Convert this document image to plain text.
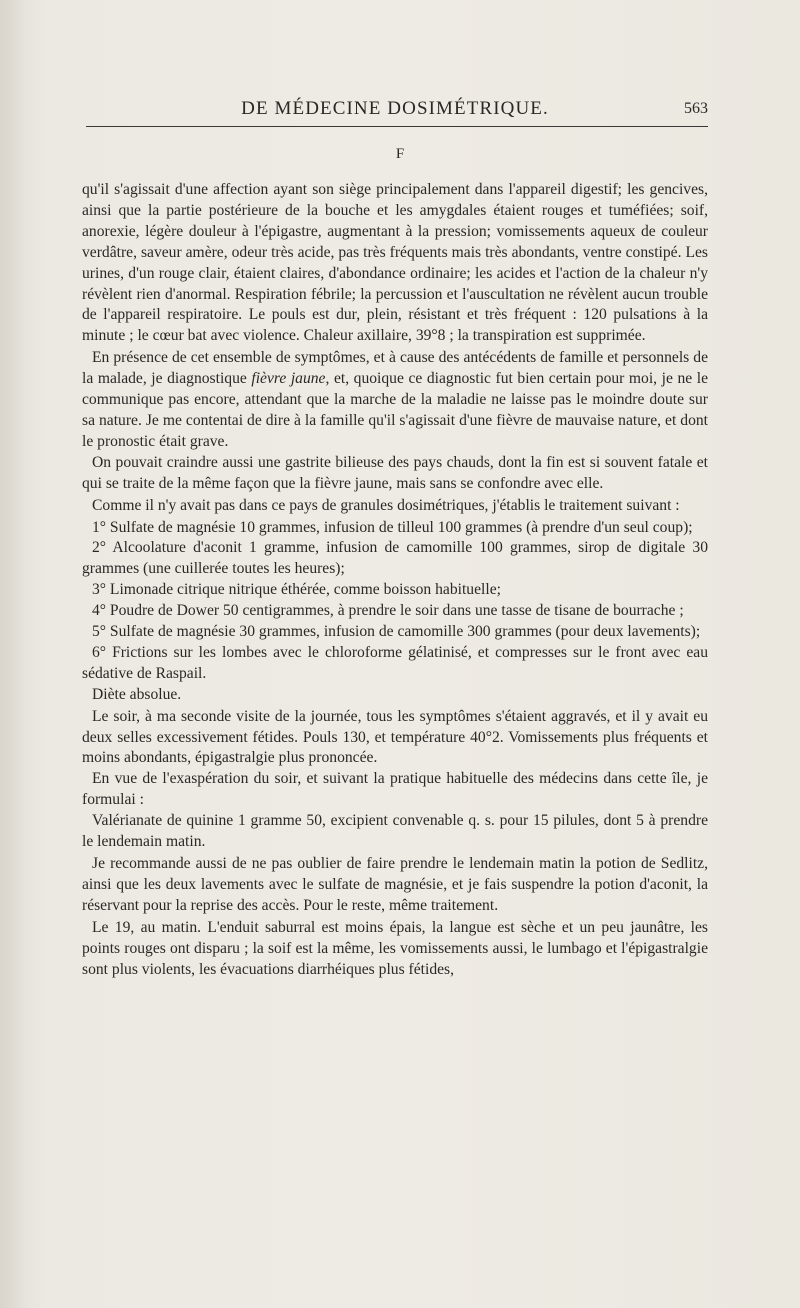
DE MÉDECINE DOSIMÉTRIQUE.	563
F

qu'il s'agissait d'une affection ayant son siège principalement dans l'appareil digestif; les gencives, ainsi que la partie postérieure de la bouche et les amygdales étaient rouges et tuméfiées; soif, anorexie, légère douleur à l'épigastre, augmentant à la pression; vomissements aqueux de couleur verdâtre, saveur amère, odeur très acide, pas très fréquents mais très abondants, ventre constipé. Les urines, d'un rouge clair, étaient claires, d'abondance ordinaire; les acides et l'action de la chaleur n'y révèlent rien d'anormal. Respiration fébrile; la percussion et l'auscultation ne révèlent aucun trouble de l'appareil respiratoire. Le pouls est dur, plein, résistant et très fréquent : 120 pulsations à la minute ; le cœur bat avec violence. Chaleur axillaire, 39°8 ; la transpiration est supprimée.

En présence de cet ensemble de symptômes, et à cause des antécédents de famille et personnels de la malade, je diagnostique fièvre jaune, et, quoique ce diagnostic fut bien certain pour moi, je ne le communique pas encore, attendant que la marche de la maladie ne laisse pas le moindre doute sur sa nature. Je me contentai de dire à la famille qu'il s'agissait d'une fièvre de mauvaise nature, et dont le pronostic était grave.

On pouvait craindre aussi une gastrite bilieuse des pays chauds, dont la fin est si souvent fatale et qui se traite de la même façon que la fièvre jaune, mais sans se confondre avec elle.

Comme il n'y avait pas dans ce pays de granules dosimétriques, j'établis le traitement suivant :

1° Sulfate de magnésie 10 grammes, infusion de tilleul 100 grammes (à prendre d'un seul coup);

2° Alcoolature d'aconit 1 gramme, infusion de camomille 100 grammes, sirop de digitale 30 grammes (une cuillerée toutes les heures);

3° Limonade citrique nitrique éthérée, comme boisson habituelle;

4° Poudre de Dower 50 centigrammes, à prendre le soir dans une tasse de tisane de bourrache ;

5° Sulfate de magnésie 30 grammes, infusion de camomille 300 grammes (pour deux lavements);

6° Frictions sur les lombes avec le chloroforme gélatinisé, et compresses sur le front avec eau sédative de Raspail.

Diète absolue.

Le soir, à ma seconde visite de la journée, tous les symptômes s'étaient aggravés, et il y avait eu deux selles excessivement fétides. Pouls 130, et température 40°2. Vomissements plus fréquents et moins abondants, épigastralgie plus prononcée.

En vue de l'exaspération du soir, et suivant la pratique habituelle des médecins dans cette île, je formulai :

Valérianate de quinine 1 gramme 50, excipient convenable q. s. pour 15 pilules, dont 5 à prendre le lendemain matin.

Je recommande aussi de ne pas oublier de faire prendre le lendemain matin la potion de Sedlitz, ainsi que les deux lavements avec le sulfate de magnésie, et je fais suspendre la potion d'aconit, la réservant pour la reprise des accès. Pour le reste, même traitement.

Le 19, au matin. L'enduit saburral est moins épais, la langue est sèche et un peu jaunâtre, les points rouges ont disparu ; la soif est la même, les vomissements aussi, le lumbago et l'épigastralgie sont plus violents, les évacuations diarrhéiques plus fétides,
